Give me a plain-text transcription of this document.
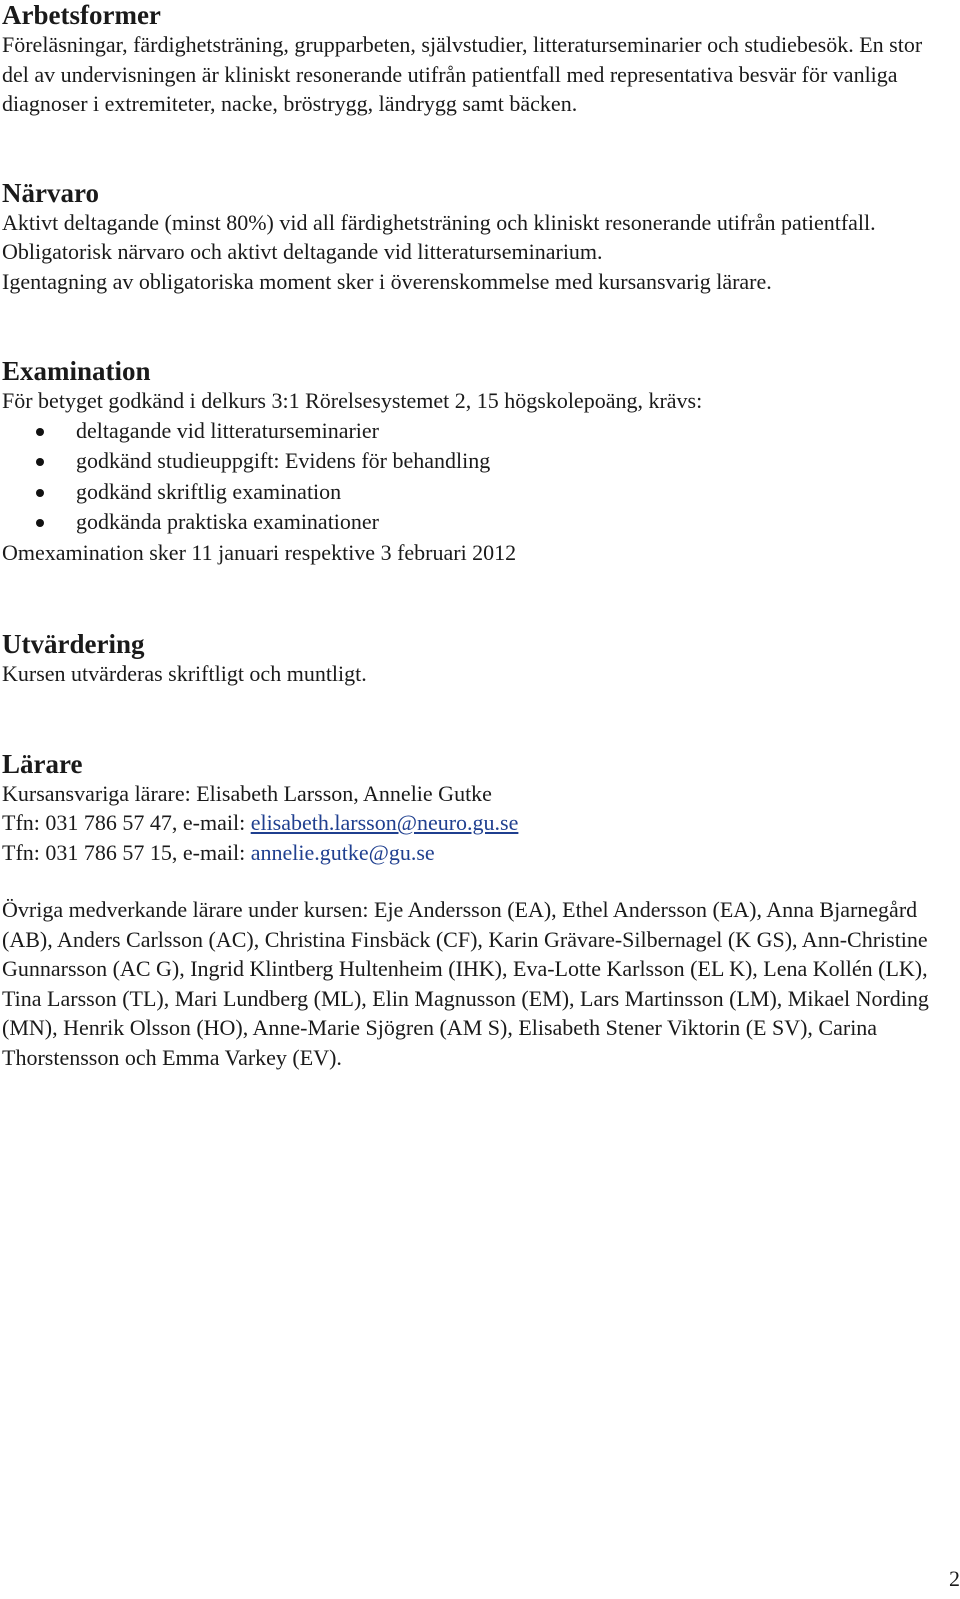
Arbetsformer

Föreläsningar, färdighetsträning, grupparbeten, självstudier, litteraturseminarier och studiebesök. En stor del av undervisningen är kliniskt resonerande utifrån patientfall med representativa besvär för vanliga diagnoser i extremiteter, nacke, bröstrygg, ländrygg samt bäcken.

Närvaro

Aktivt deltagande (minst 80%) vid all färdighetsträning och kliniskt resonerande utifrån patientfall.

Obligatorisk närvaro och aktivt deltagande vid litteraturseminarium.

Igentagning av obligatoriska moment sker i överenskommelse med kursansvarig lärare.

Examination

För betyget godkänd i delkurs 3:1 Rörelsesystemet 2, 15 högskolepoäng, krävs:

deltagande vid litteraturseminarier
godkänd studieuppgift: Evidens för behandling
godkänd skriftlig examination
godkända praktiska examinationer

Omexamination sker 11 januari respektive 3 februari 2012

Utvärdering

Kursen utvärderas skriftligt och muntligt.

Lärare

Kursansvariga lärare: Elisabeth Larsson, Annelie Gutke

Tfn: 031 786 57 47, e-mail: elisabeth.larsson@neuro.gu.se

Tfn: 031 786 57 15, e-mail: annelie.gutke@gu.se

Övriga medverkande lärare under kursen: Eje Andersson (EA), Ethel Andersson (EA), Anna Bjarnegård (AB), Anders Carlsson (AC), Christina Finsbäck (CF), Karin Grävare-Silbernagel (K GS), Ann-Christine Gunnarsson (AC G), Ingrid Klintberg Hultenheim (IHK), Eva-Lotte Karlsson (EL K), Lena Kollén (LK), Tina Larsson (TL), Mari Lundberg (ML), Elin Magnusson (EM), Lars Martinsson (LM), Mikael Nording (MN), Henrik Olsson (HO), Anne-Marie Sjögren (AM S), Elisabeth Stener Viktorin (E SV), Carina Thorstensson och Emma Varkey (EV).

2
